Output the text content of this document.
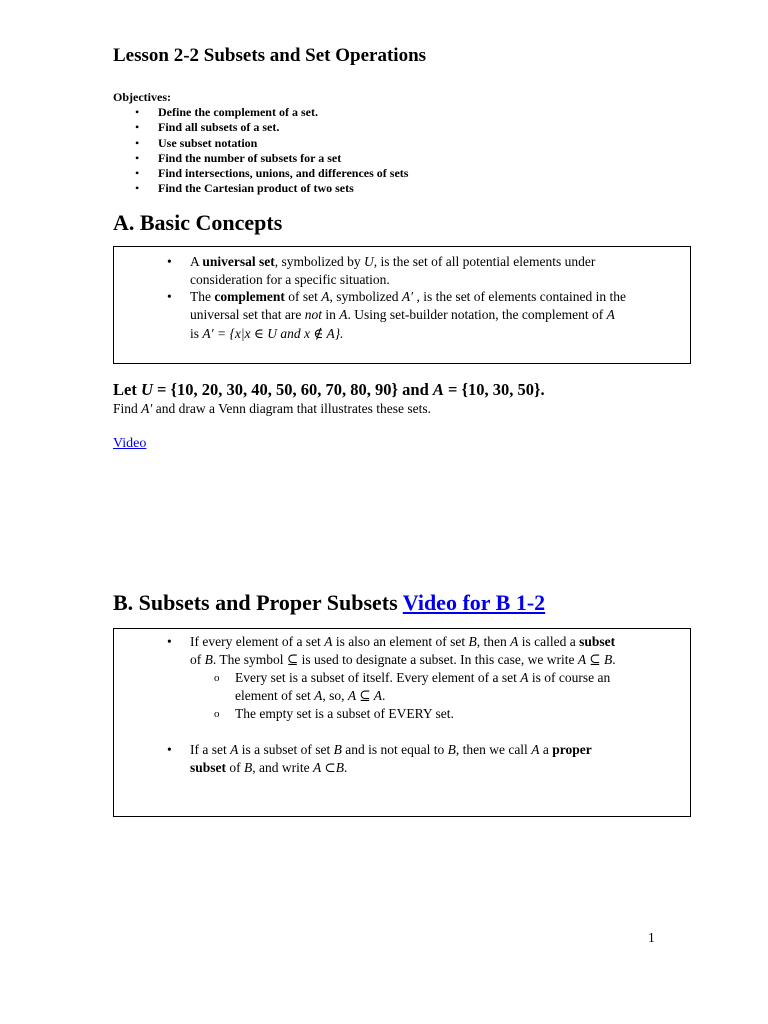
Lesson 2-2 Subsets and Set Operations
Objectives:
• Define the complement of a set.
• Find all subsets of a set.
• Use subset notation
• Find the number of subsets for a set
• Find intersections, unions, and differences of sets
• Find the Cartesian product of two sets
A. Basic Concepts
• A universal set, symbolized by U, is the set of all potential elements under
consideration for a specific situation.
• The complement of set A, symbolized A′ , is the set of elements contained in the
universal set that are not in A. Using set-builder notation, the complement of A
is A′ = {x|x ∈ U and x ∉ A}.
Let U = {10, 20, 30, 40, 50, 60, 70, 80, 90} and A = {10, 30, 50}.
Find A′ and draw a Venn diagram that illustrates these sets.
Video
B. Subsets and Proper Subsets Video for B 1-2
• If every element of a set A is also an element of set B, then A is called a subset
of B. The symbol ⊆ is used to designate a subset. In this case, we write A ⊆ B.
o Every set is a subset of itself. Every element of a set A is of course an
element of set A, so, A ⊆ A.
o The empty set is a subset of EVERY set.
• If a set A is a subset of set B and is not equal to B, then we call A a proper
subset of B, and write A ⊂B.
1
